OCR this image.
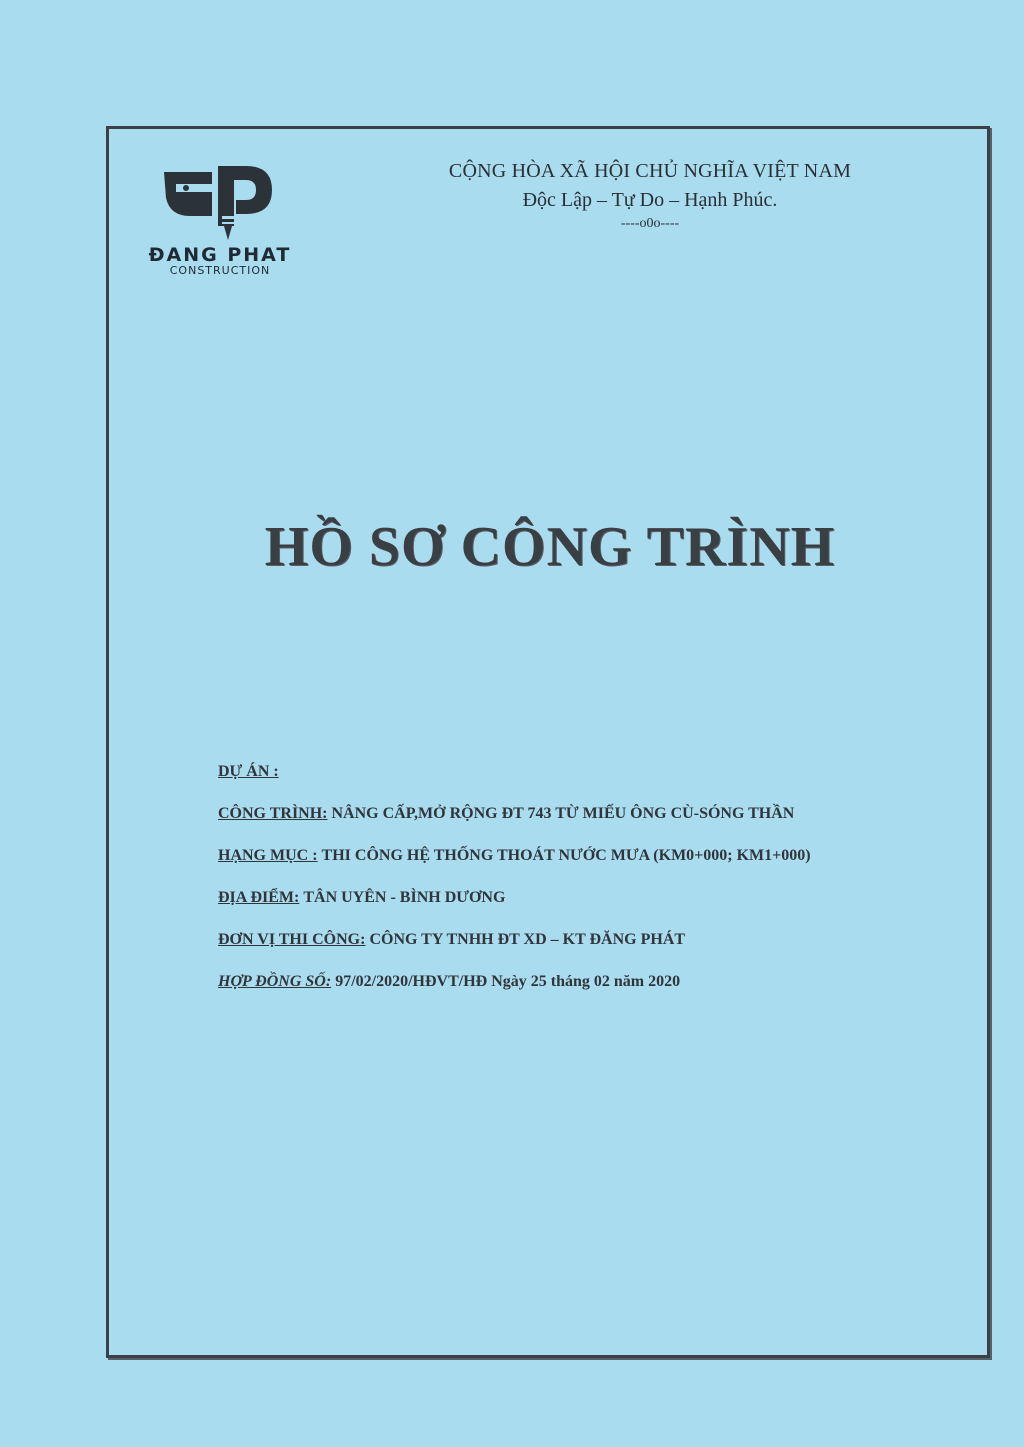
ĐANG PHAT
CONSTRUCTION
CỘNG HÒA XÃ HỘI CHỦ NGHĨA VIỆT NAM
Độc Lập – Tự Do – Hạnh Phúc.
----o0o----
HỒ SƠ CÔNG TRÌNH
DỰ ÁN :
CÔNG TRÌNH: NÂNG CẤP,MỞ RỘNG ĐT 743 TỪ MIẾU ÔNG CÙ-SÓNG THẦN
HẠNG MỤC : THI CÔNG HỆ THỐNG THOÁT NƯỚC MƯA (KM0+000; KM1+000)
ĐỊA ĐIỂM: TÂN UYÊN - BÌNH DƯƠNG
ĐƠN VỊ THI CÔNG: CÔNG TY TNHH ĐT XD – KT ĐĂNG PHÁT
HỢP ĐỒNG SỐ: 97/02/2020/HĐVT/HĐ Ngày 25 tháng 02 năm 2020
